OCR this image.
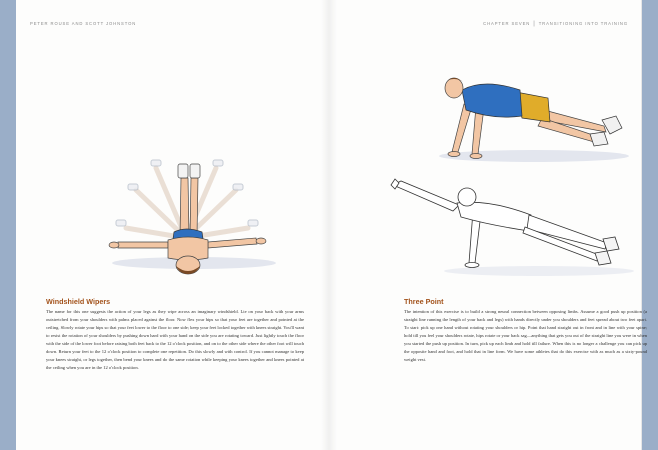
PETER ROUSE AND SCOTT JOHNSTON
Windshield Wipers

The name for this one suggests the action of your legs as they wipe across an imaginary windshield. Lie on your back with your arms outstretched from your shoulders with palms placed against the floor. Now flex your hips so that your feet are together and pointed at the ceiling. Slowly rotate your hips so that your feet lower to the floor to one side; keep your feet locked together with knees straight. You'll want to resist the rotation of your shoulders by pushing down hard with your hand on the side you are rotating toward. Just lightly touch the floor with the side of the lower foot before raising both feet back to the 12 o'clock position, and on to the other side where the other foot will touch down. Return your feet to the 12 o'clock position to complete one repetition. Do this slowly and with control. If you cannot manage to keep your knees straight, or legs together, then bend your knees and do the same rotation while keeping your knees together and knees pointed at the ceiling when you are in the 12 o'clock position.

CHAPTER SEVEN | TRANSITIONING INTO TRAINING
Three Point

The intention of this exercise is to build a strong neural connection between opposing limbs. Assume a good push up position (a straight line running the length of your back and legs) with hands directly under you shoulders and feet spread about two feet apart. To start: pick up one hand without rotating your shoulders or hip. Point that hand straight out in front and in line with your spine; hold till you feel your shoulders rotate, hips rotate or your back sag—anything that gets you out of the straight line you were in when you started the push up position. In turn, pick up each limb and hold till failure. When this is no longer a challenge you can pick up the opposite hand and foot, and hold that in line form. We have some athletes that do this exercise with as much as a sixty-pound weight vest.
